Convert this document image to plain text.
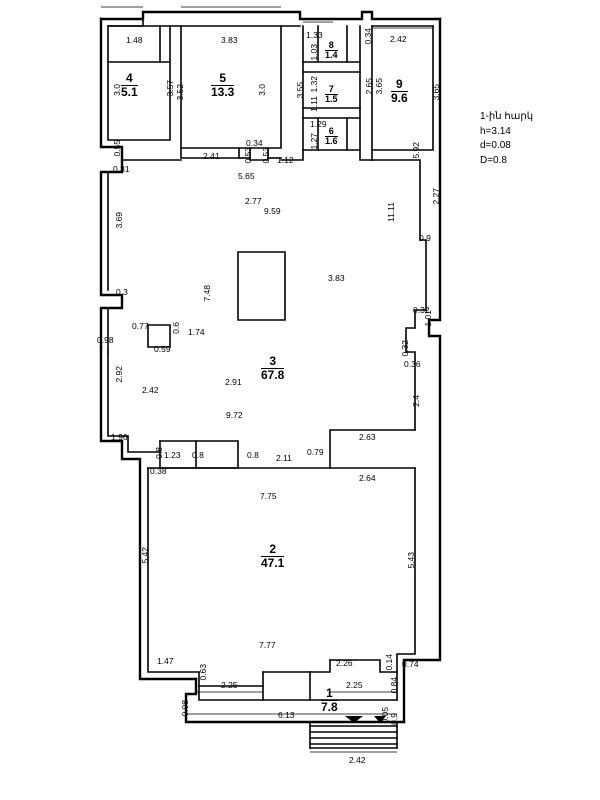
1-ին հարկ
h=3.14
d=0.08
D=0.8
4
5.1
5
13.3
8
1.4
7
1.5
6
1.6
9
9.6
3
67.8
2
47.1
1
7.8
1.48	3.83	1.33	0.34 2.42
3.0	3.57 3.52	3.0
1.03
1.32
1.11
1.29
1.27
3.55	2.65 3.65	3.65
0.55
0.31
2.41
0.34
0.53 0.53 1.12
5.65
9.59
2.77
5.92
11.11
2.27
3.69
0.9
3.83
0.3
0.32
1.01
7.48
0.77	0.6 1.74
0.98
0.59	0.32
0.36
2.92
2.42
2.91
2.4
9.72
1.96	2.63
0.8 1.23 0.8	0.8 2.11
0.79
0.38
2.64
7.75
5.42	5.43
7.77
1.47
0.63
2.25
2.26	0.14 0.74
2.25	0.84
0.08	6.13	0.05 0.9
2.42
